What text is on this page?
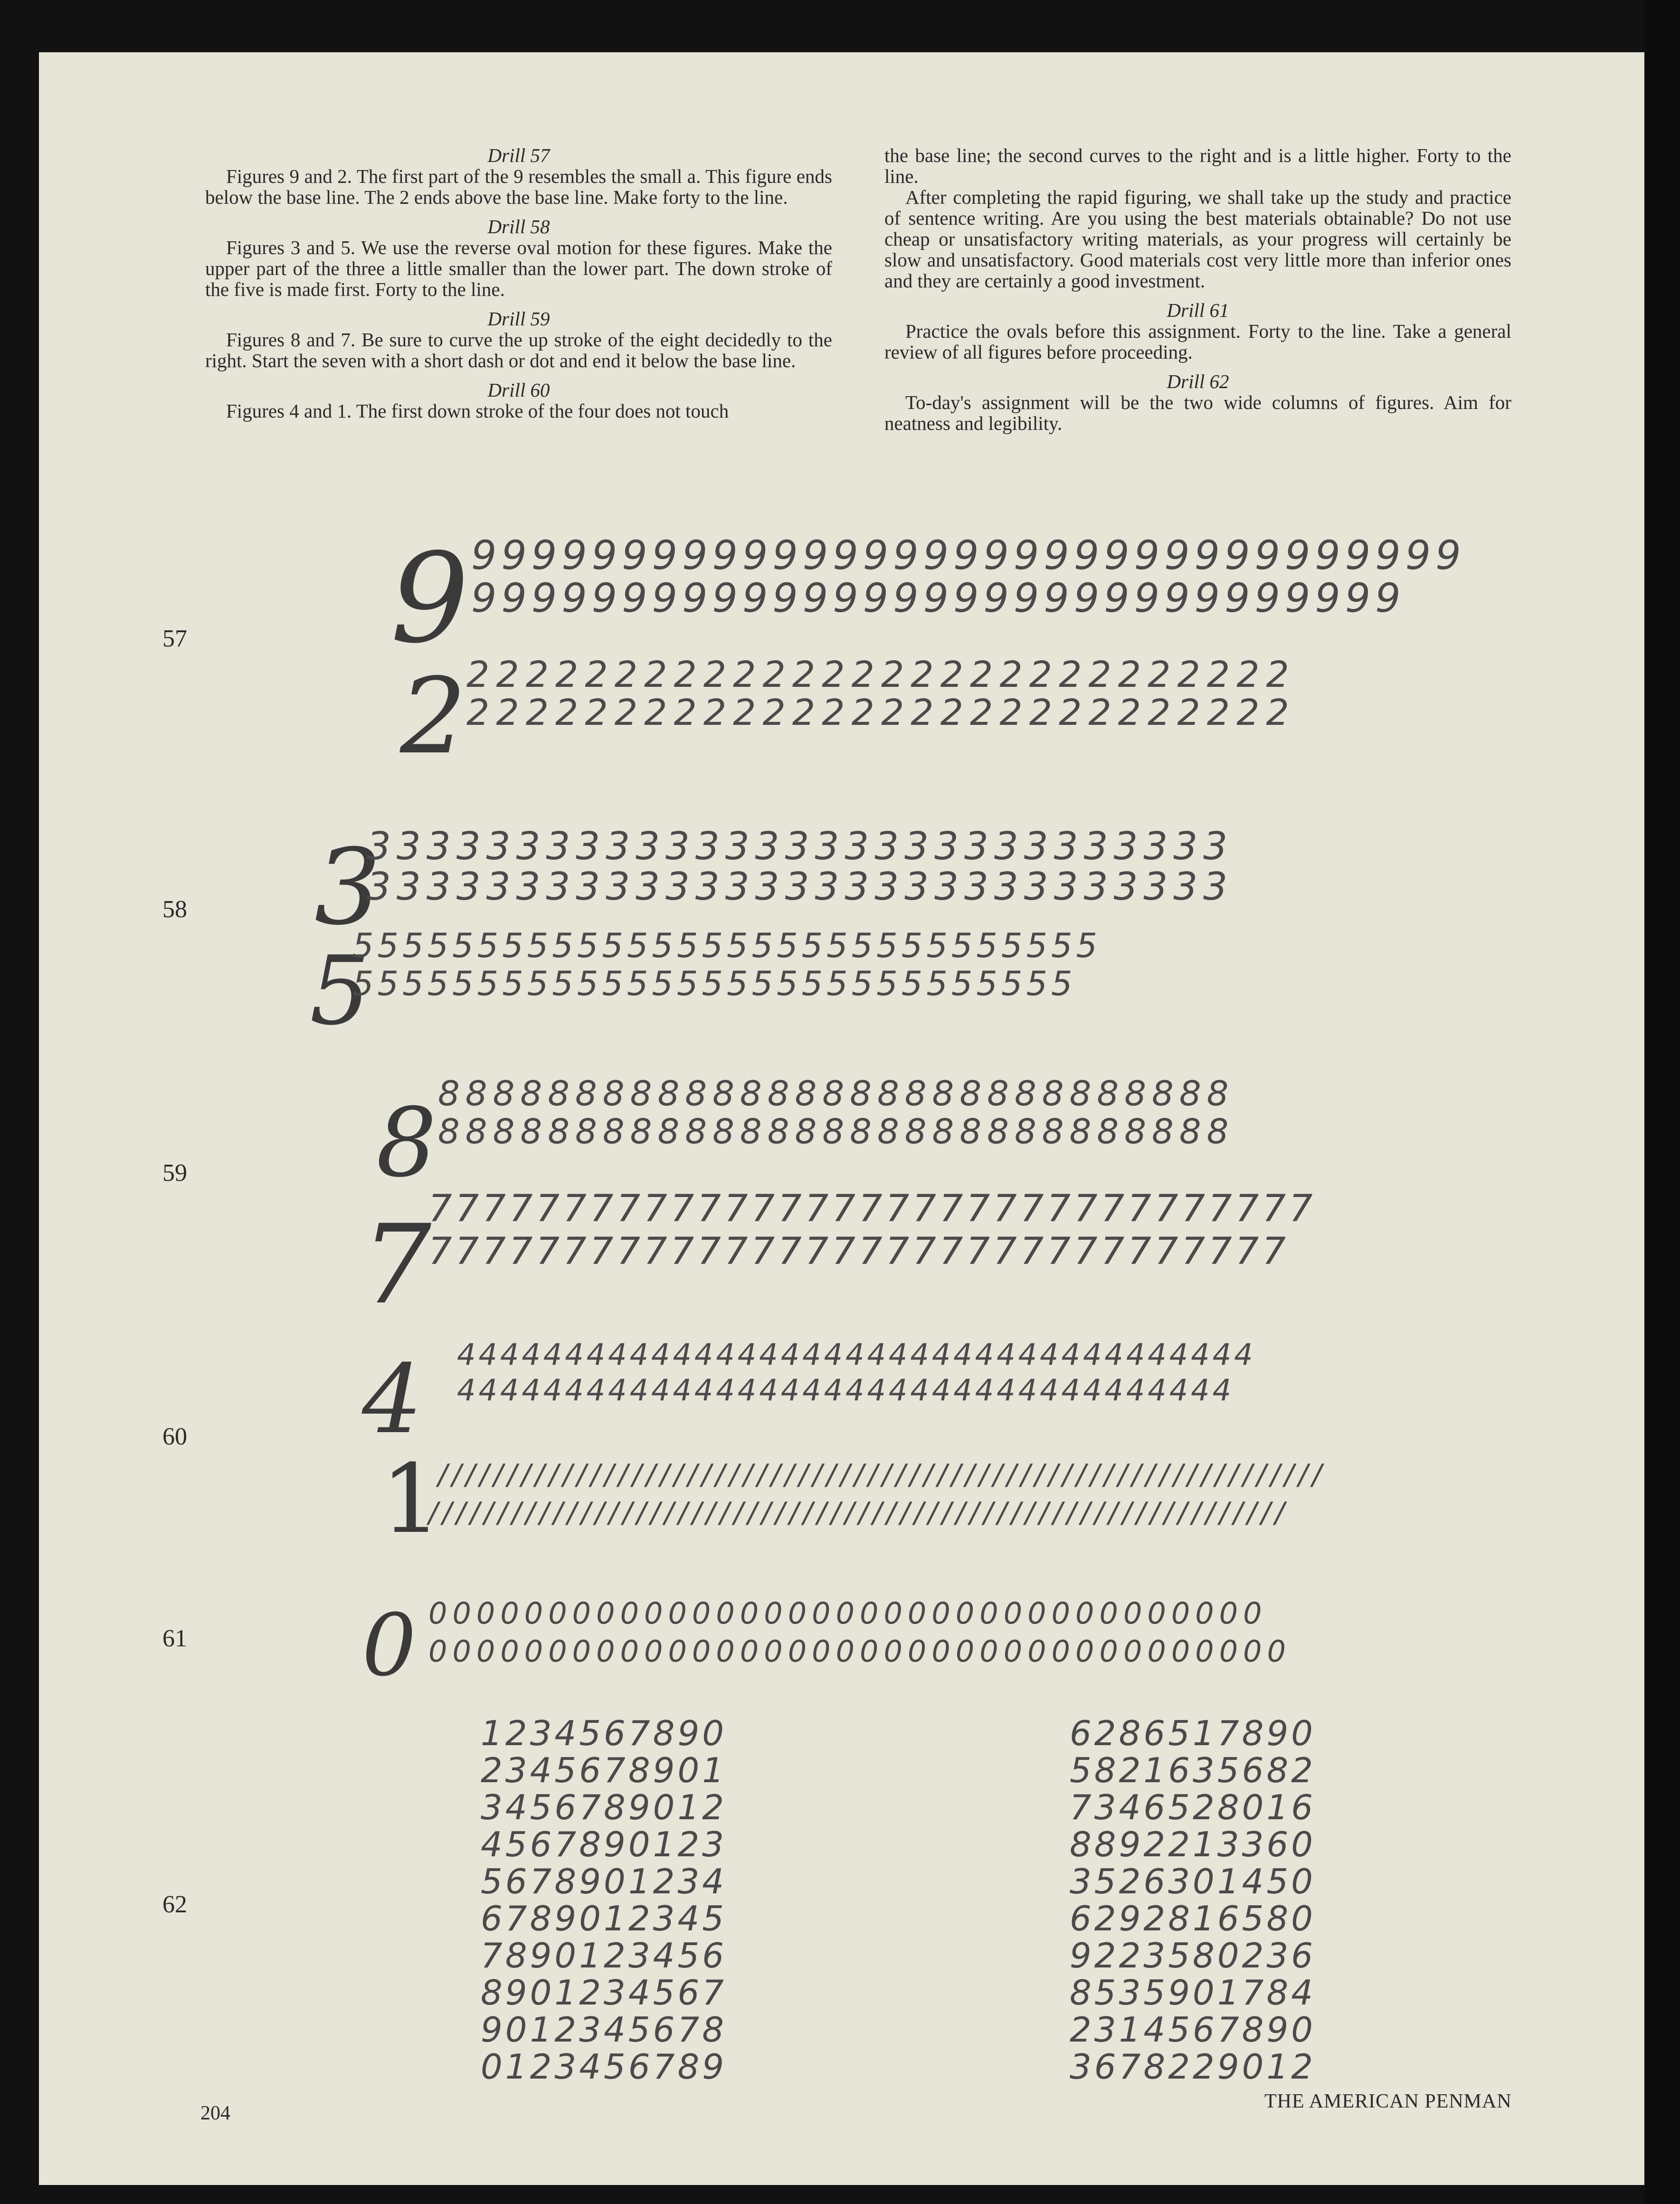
Drill 57

Figures 9 and 2. The first part of the 9 resembles the small a. This figure ends below the base line. The 2 ends above the base line. Make forty to the line.

Drill 58

Figures 3 and 5. We use the reverse oval motion for these figures. Make the upper part of the three a little smaller than the lower part. The down stroke of the five is made first. Forty to the line.

Drill 59

Figures 8 and 7. Be sure to curve the up stroke of the eight decidedly to the right. Start the seven with a short dash or dot and end it below the base line.

Drill 60

Figures 4 and 1. The first down stroke of the four does not touch

the base line; the second curves to the right and is a little higher. Forty to the line.

After completing the rapid figuring, we shall take up the study and practice of sentence writing. Are you using the best materials obtainable? Do not use cheap or unsatisfactory writing materials, as your progress will certainly be slow and unsatisfactory. Good materials cost very little more than inferior ones and they are certainly a good investment.

Drill 61

Practice the ovals before this assignment. Forty to the line. Take a general review of all figures before proceeding.

Drill 62

To-day's assignment will be the two wide columns of figures. Aim for neatness and legibility.

57
58
59
60
61
62
9 999999999999999999999999999999999
9999999999999999999999999999999
2 2222222222222222222222222222
2222222222222222222222222222
3
33333333333333333333333333333
33333333333333333333333333333
5
555555555555555555555555555555
55555555555555555555555555555
8 88888888888888888888888888888
88888888888888888888888888888
7
777777777777777777777777777777777
77777777777777777777777777777777
4 4444444444444444444444444444444444444
444444444444444444444444444444444444
1
////////////////////////////////////////////////////////////////
//////////////////////////////////////////////////////////////
0 00000000000000000000000000000000000
000000000000000000000000000000000000
1234567890
2345678901
3456789012
4567890123
5678901234
6789012345
7890123456
8901234567
9012345678
0123456789
6286517890
5821635682
7346528016
8892213360
3526301450
6292816580
9223580236
8535901784
2314567890
3678229012
204
THE AMERICAN PENMAN
